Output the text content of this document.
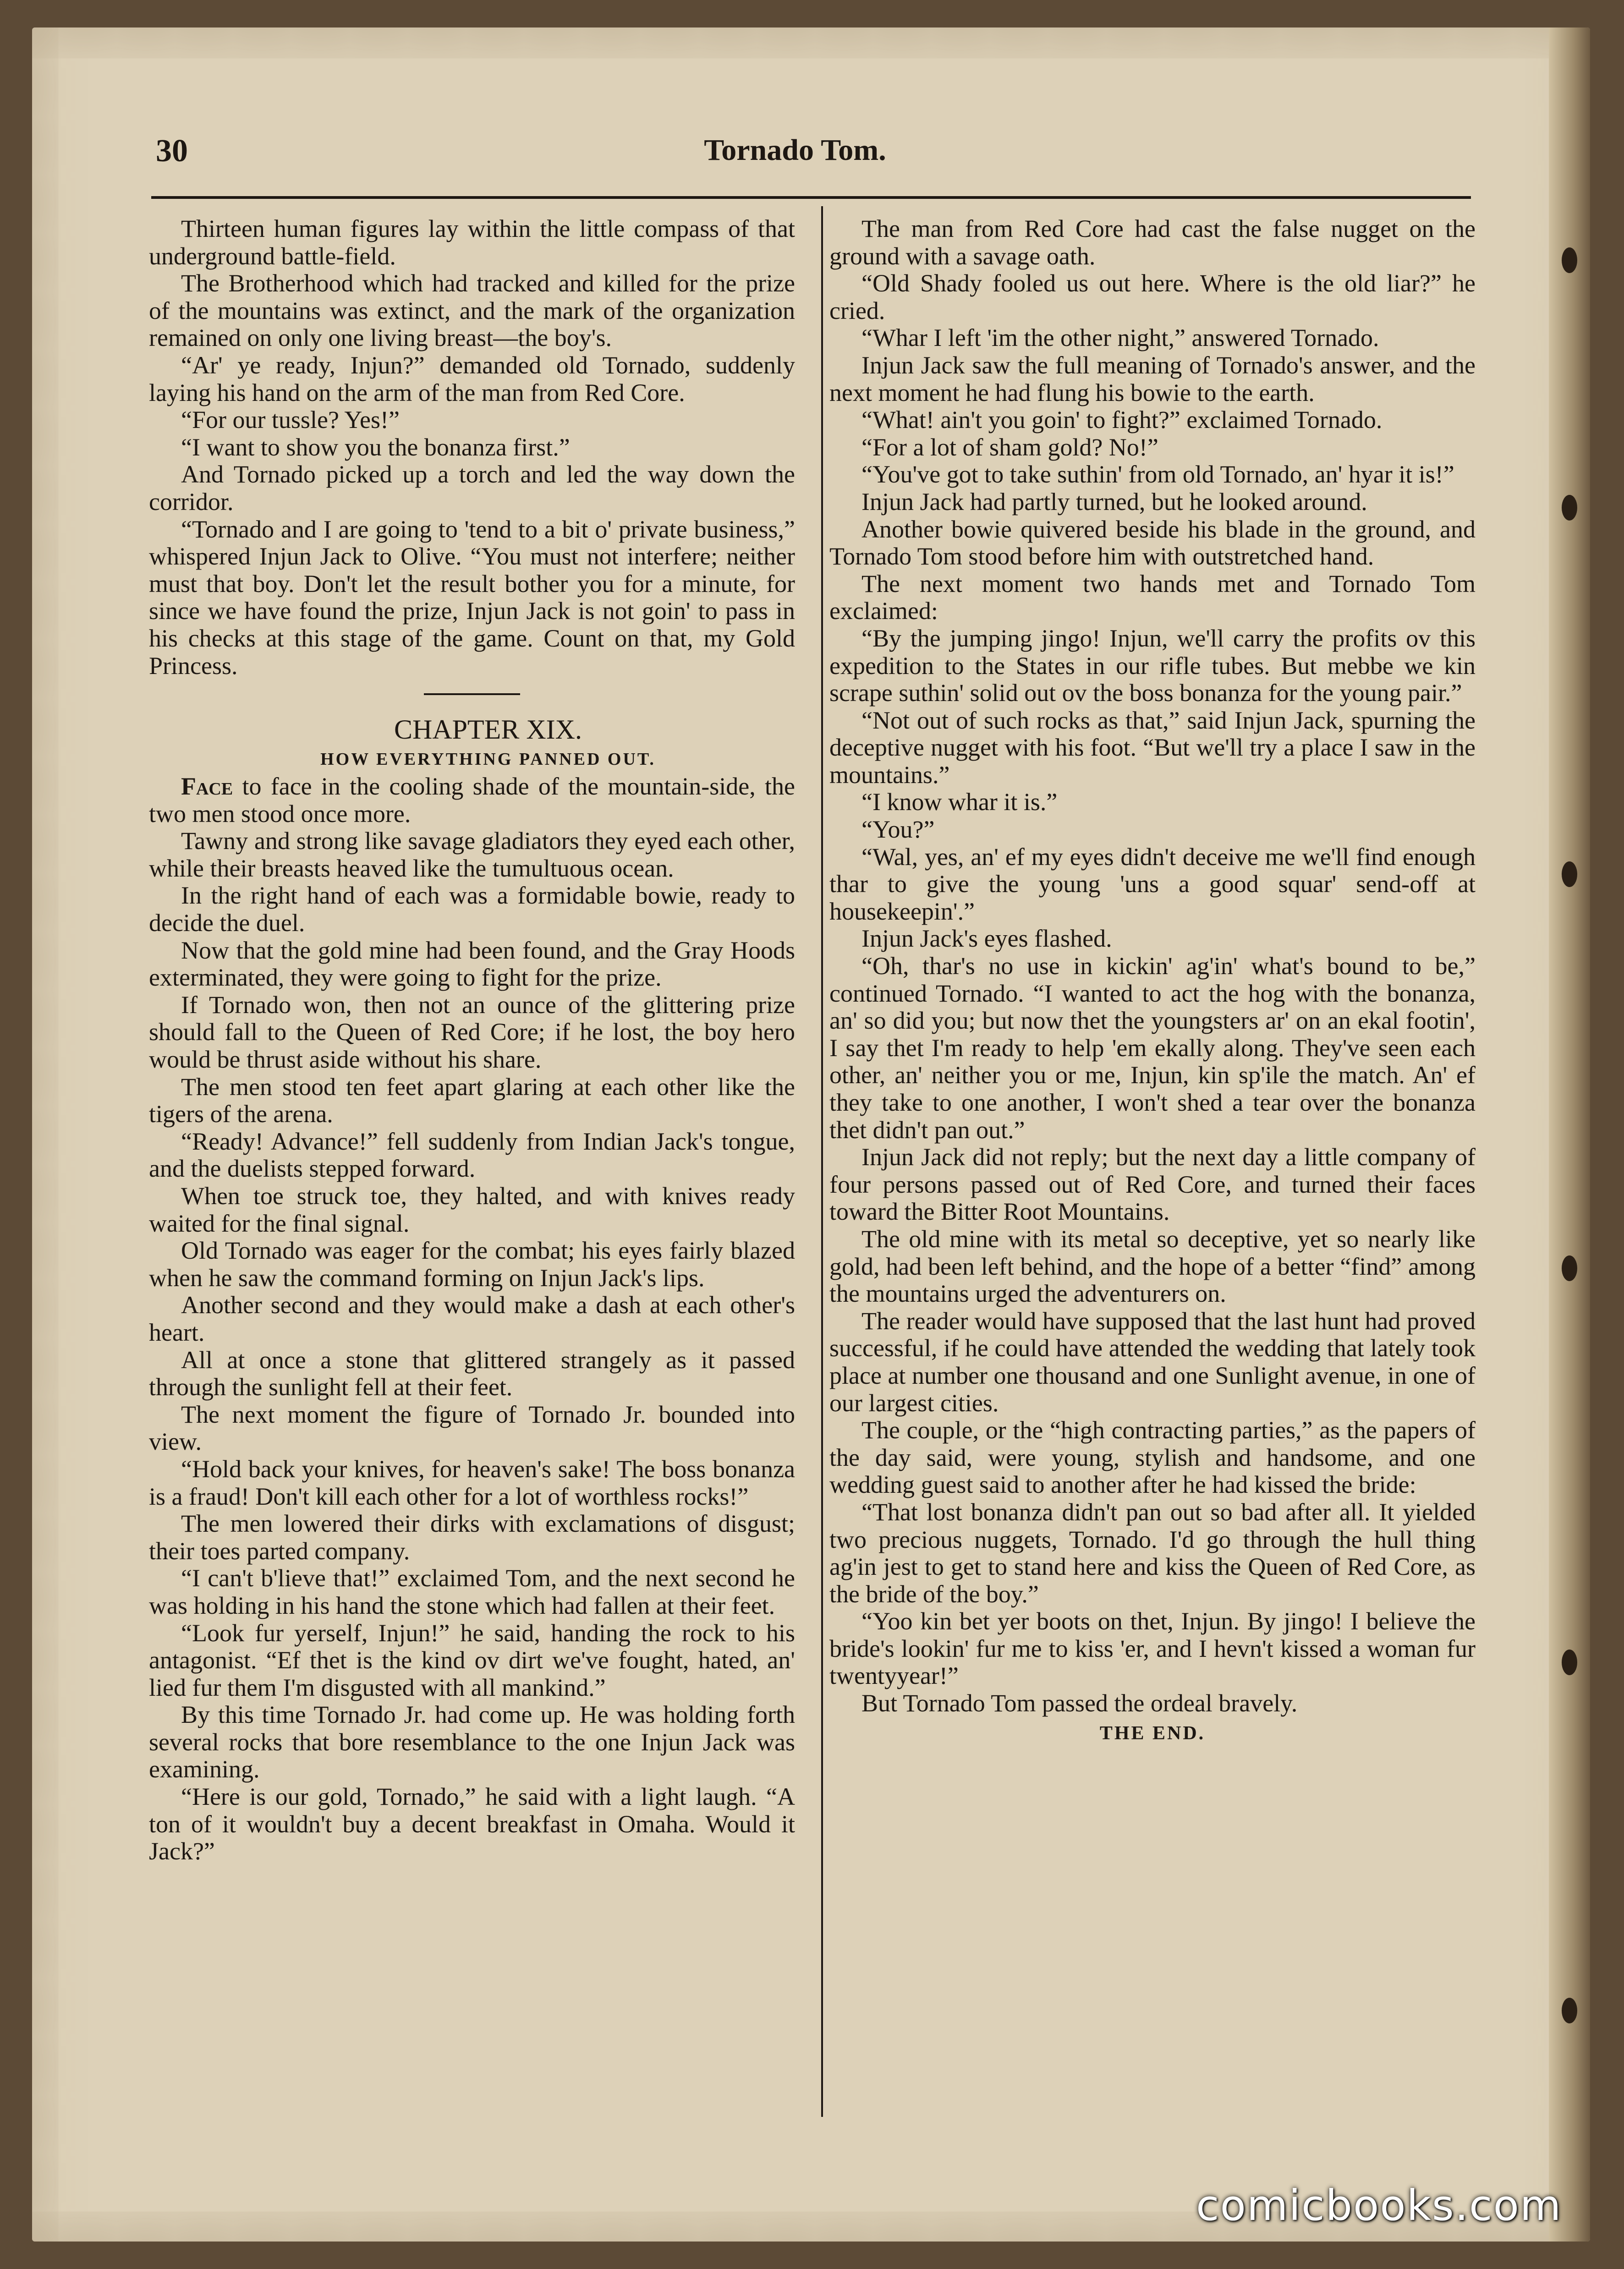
30	Tornado Tom.

Thirteen human figures lay within the little compass of that underground battle-field.

The Brotherhood which had tracked and killed for the prize of the mountains was extinct, and the mark of the organization remained on only one living breast—the boy's.

“Ar' ye ready, Injun?” demanded old Tornado, suddenly laying his hand on the arm of the man from Red Core.

“For our tussle? Yes!”

“I want to show you the bonanza first.”

And Tornado picked up a torch and led the way down the corridor.

“Tornado and I are going to 'tend to a bit o' private business,” whispered Injun Jack to Olive. “You must not interfere; neither must that boy. Don't let the result bother you for a minute, for since we have found the prize, Injun Jack is not goin' to pass in his checks at this stage of the game. Count on that, my Gold Princess.

CHAPTER XIX.

HOW EVERYTHING PANNED OUT.

Face to face in the cooling shade of the mountain-side, the two men stood once more.

Tawny and strong like savage gladiators they eyed each other, while their breasts heaved like the tumultuous ocean.

In the right hand of each was a formidable bowie, ready to decide the duel.

Now that the gold mine had been found, and the Gray Hoods exterminated, they were going to fight for the prize.

If Tornado won, then not an ounce of the glittering prize should fall to the Queen of Red Core; if he lost, the boy hero would be thrust aside without his share.

The men stood ten feet apart glaring at each other like the tigers of the arena.

“Ready! Advance!” fell suddenly from Indian Jack's tongue, and the duelists stepped forward.

When toe struck toe, they halted, and with knives ready waited for the final signal.

Old Tornado was eager for the combat; his eyes fairly blazed when he saw the command forming on Injun Jack's lips.

Another second and they would make a dash at each other's heart.

All at once a stone that glittered strangely as it passed through the sunlight fell at their feet.

The next moment the figure of Tornado Jr. bounded into view.

“Hold back your knives, for heaven's sake! The boss bonanza is a fraud! Don't kill each other for a lot of worthless rocks!”

The men lowered their dirks with exclamations of disgust; their toes parted company.

“I can't b'lieve that!” exclaimed Tom, and the next second he was holding in his hand the stone which had fallen at their feet.

“Look fur yerself, Injun!” he said, handing the rock to his antagonist. “Ef thet is the kind ov dirt we've fought, hated, an' lied fur them I'm disgusted with all mankind.”

By this time Tornado Jr. had come up. He was holding forth several rocks that bore resemblance to the one Injun Jack was examining.

“Here is our gold, Tornado,” he said with a light laugh. “A ton of it wouldn't buy a decent breakfast in Omaha. Would it Jack?”

The man from Red Core had cast the false nugget on the ground with a savage oath.

“Old Shady fooled us out here. Where is the old liar?” he cried.

“Whar I left 'im the other night,” answered Tornado.

Injun Jack saw the full meaning of Tornado's answer, and the next moment he had flung his bowie to the earth.

“What! ain't you goin' to fight?” exclaimed Tornado.

“For a lot of sham gold? No!”

“You've got to take suthin' from old Tornado, an' hyar it is!”

Injun Jack had partly turned, but he looked around.

Another bowie quivered beside his blade in the ground, and Tornado Tom stood before him with outstretched hand.

The next moment two hands met and Tornado Tom exclaimed:

“By the jumping jingo! Injun, we'll carry the profits ov this expedition to the States in our rifle tubes. But mebbe we kin scrape suthin' solid out ov the boss bonanza for the young pair.”

“Not out of such rocks as that,” said Injun Jack, spurning the deceptive nugget with his foot. “But we'll try a place I saw in the mountains.”

“I know whar it is.”

“You?”

“Wal, yes, an' ef my eyes didn't deceive me we'll find enough thar to give the young 'uns a good squar' send-off at housekeepin'.”

Injun Jack's eyes flashed.

“Oh, thar's no use in kickin' ag'in' what's bound to be,” continued Tornado. “I wanted to act the hog with the bonanza, an' so did you; but now thet the youngsters ar' on an ekal footin', I say thet I'm ready to help 'em ekally along. They've seen each other, an' neither you or me, Injun, kin sp'ile the match. An' ef they take to one another, I won't shed a tear over the bonanza thet didn't pan out.”

Injun Jack did not reply; but the next day a little company of four persons passed out of Red Core, and turned their faces toward the Bitter Root Mountains.

The old mine with its metal so deceptive, yet so nearly like gold, had been left behind, and the hope of a better “find” among the mountains urged the adventurers on.

The reader would have supposed that the last hunt had proved successful, if he could have attended the wedding that lately took place at number one thousand and one Sunlight avenue, in one of our largest cities.

The couple, or the “high contracting parties,” as the papers of the day said, were young, stylish and handsome, and one wedding guest said to another after he had kissed the bride:

“That lost bonanza didn't pan out so bad after all. It yielded two precious nuggets, Tornado. I'd go through the hull thing ag'in jest to get to stand here and kiss the Queen of Red Core, as the bride of the boy.”

“Yoo kin bet yer boots on thet, Injun. By jingo! I believe the bride's lookin' fur me to kiss 'er, and I hevn't kissed a woman fur twentyyear!”

But Tornado Tom passed the ordeal bravely.

THE END.
comicbooks.com
